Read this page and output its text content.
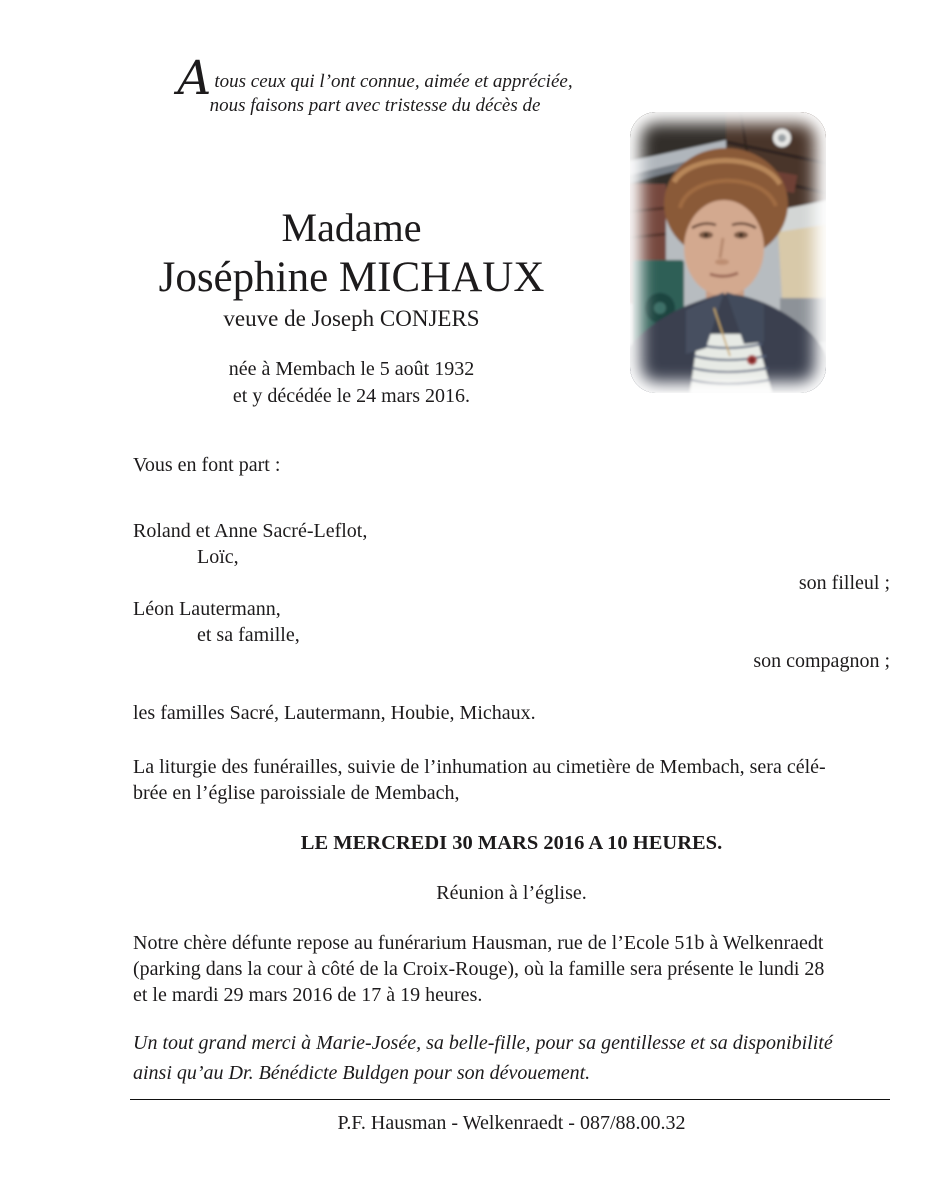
Atous ceux qui l’ont connue, aimée et appréciée,
nous faisons part avec tristesse du décès de
Madame
Joséphine MICHAUX
veuve de Joseph CONJERS
née à Membach le 5 août 1932
et y décédée le 24 mars 2016.
Vous en font part :
Roland et Anne Sacré-Leflot,
Loïc,
son filleul ;
Léon Lautermann,
et sa famille,
son compagnon ;
les familles Sacré, Lautermann, Houbie, Michaux.
La liturgie des funérailles, suivie de l’inhumation au cimetière de Membach, sera célé-
brée en l’église paroissiale de Membach,
LE MERCREDI 30 MARS 2016 A 10 HEURES.
Réunion à l’église.
Notre chère défunte repose au funérarium Hausman, rue de l’Ecole 51b à Welkenraedt
(parking dans la cour à côté de la Croix-Rouge), où la famille sera présente le lundi 28
et le mardi 29 mars 2016 de 17 à 19 heures.
Un tout grand merci à Marie-Josée, sa belle-fille, pour sa gentillesse et sa disponibilité
ainsi qu’au Dr. Bénédicte Buldgen pour son dévouement.
P.F. Hausman - Welkenraedt - 087/88.00.32
